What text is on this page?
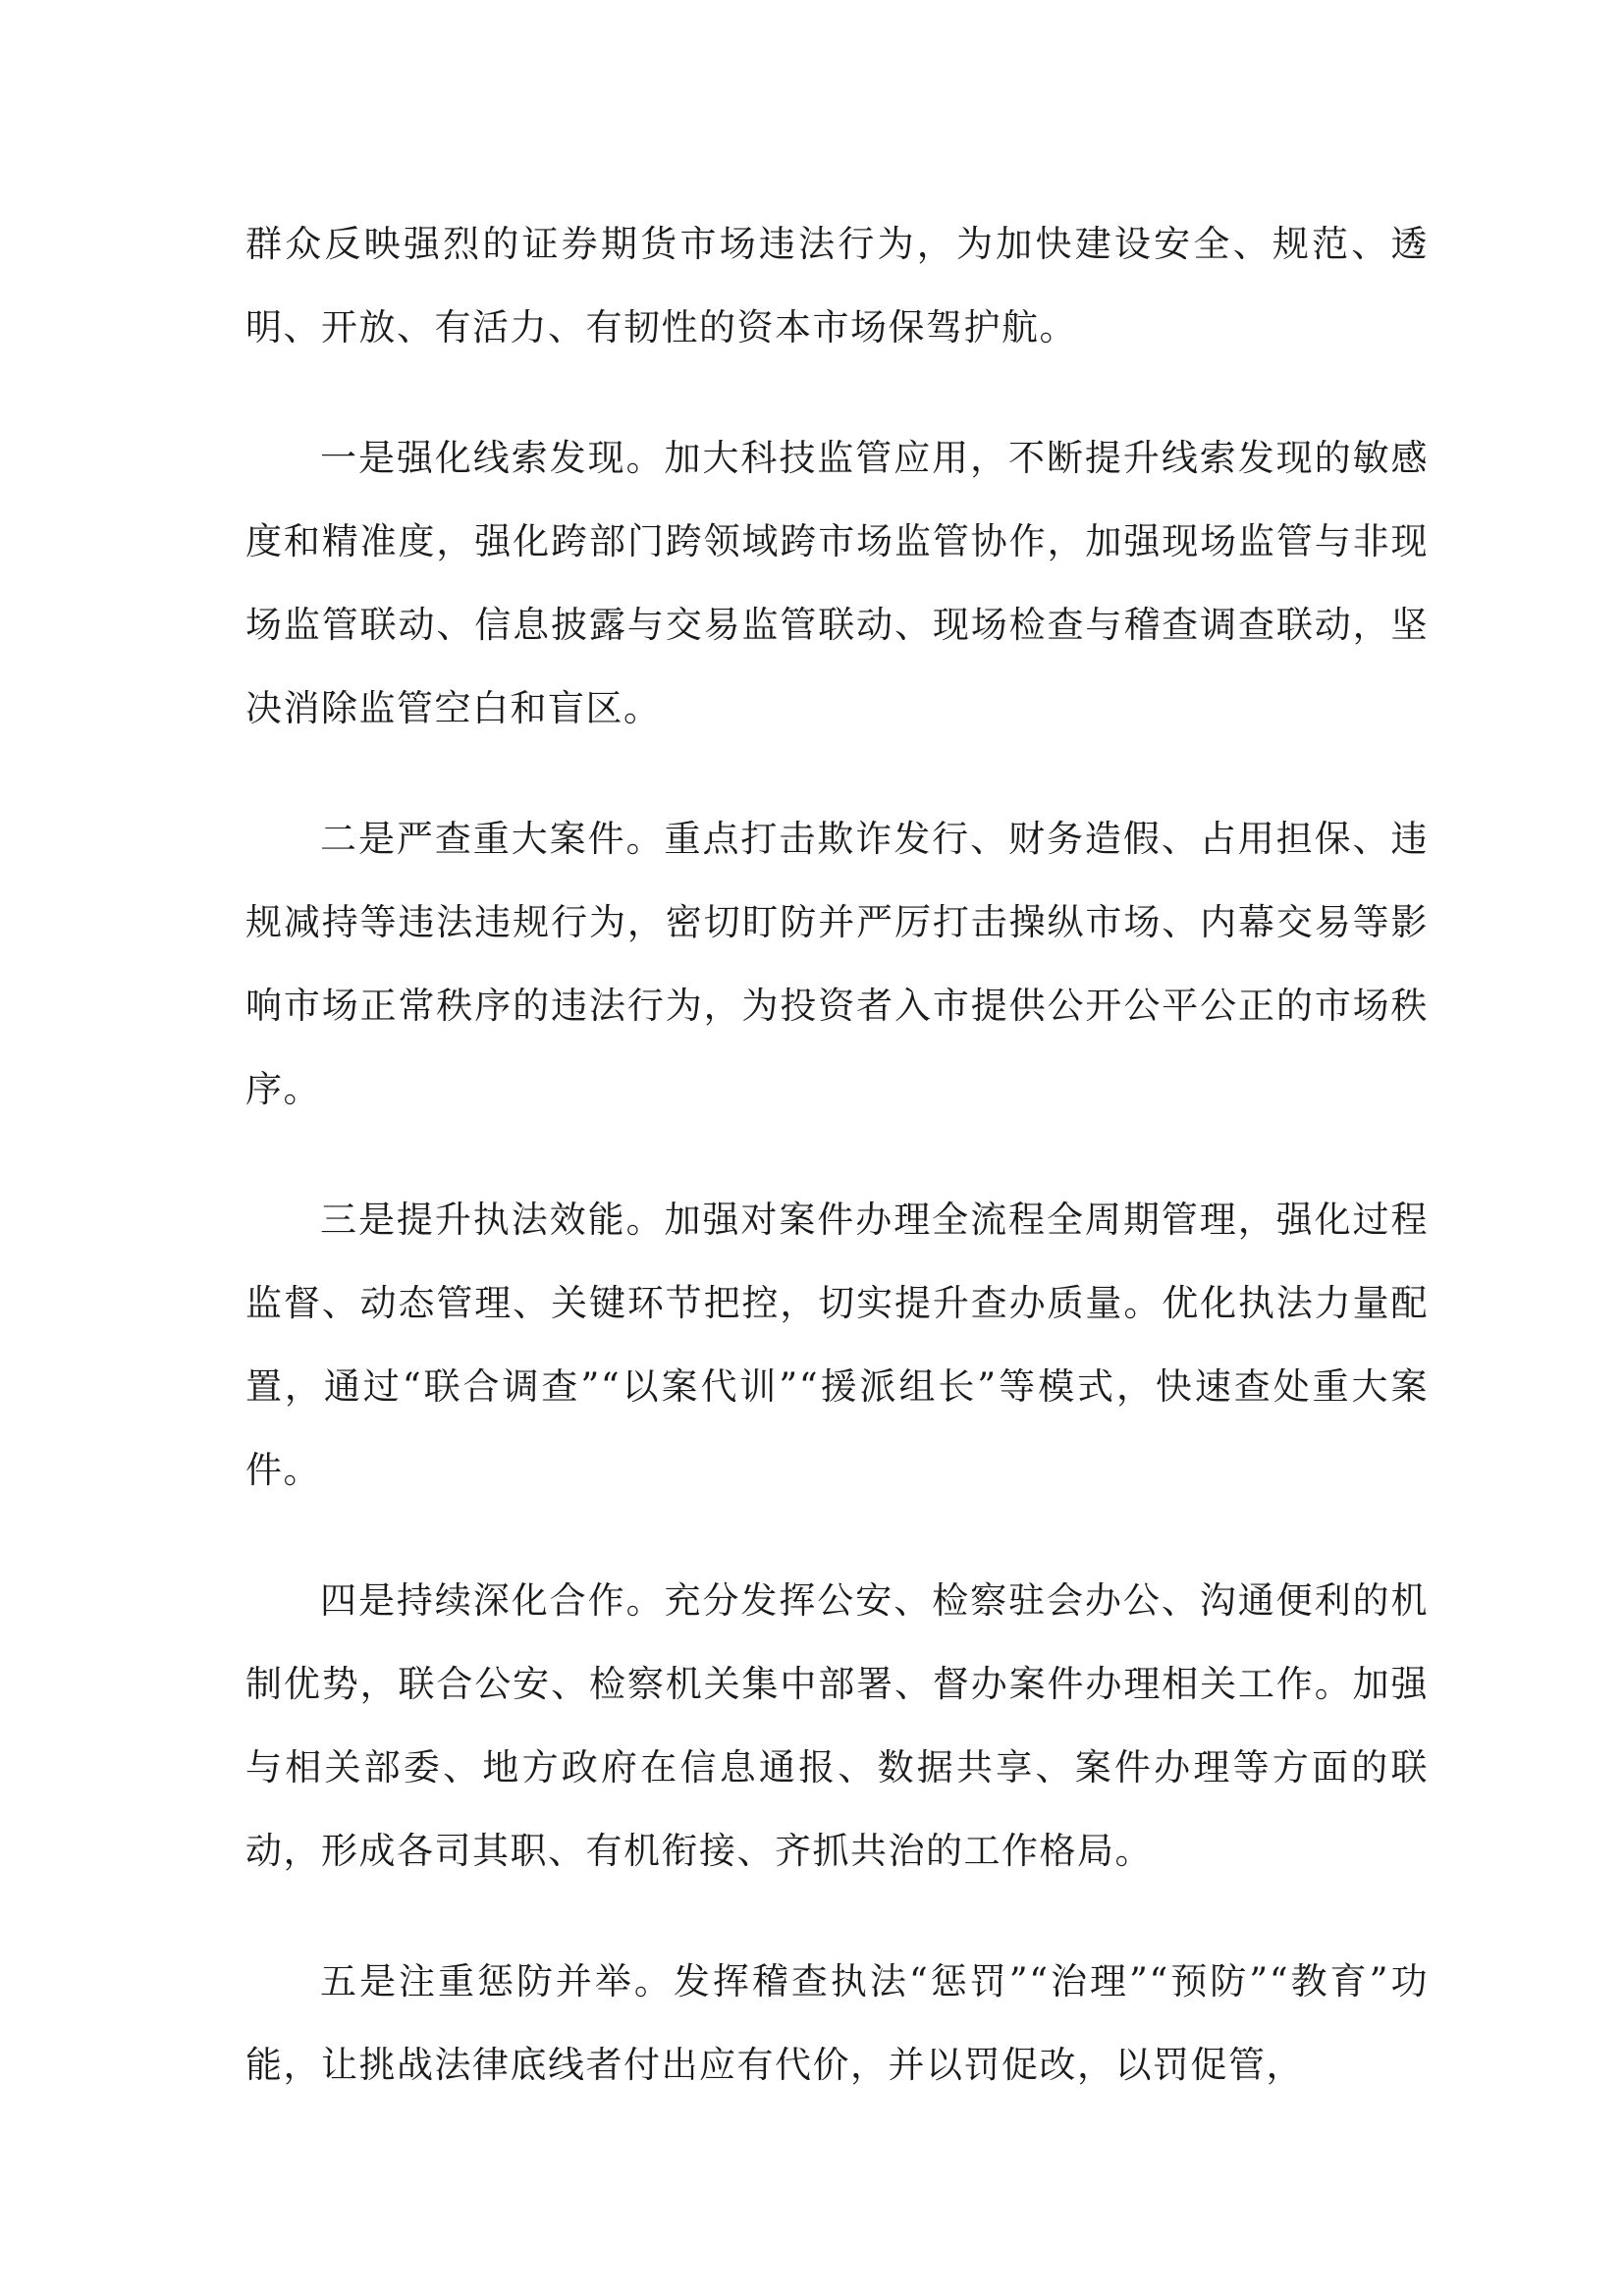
群众反映强烈的证券期货市场违法行为，为加快建设安全、规范、透明、开放、有活力、有韧性的资本市场保驾护航。

一是强化线索发现。加大科技监管应用，不断提升线索发现的敏感度和精准度，强化跨部门跨领域跨市场监管协作，加强现场监管与非现场监管联动、信息披露与交易监管联动、现场检查与稽查调查联动，坚决消除监管空白和盲区。

二是严查重大案件。重点打击欺诈发行、财务造假、占用担保、违规减持等违法违规行为，密切盯防并严厉打击操纵市场、内幕交易等影响市场正常秩序的违法行为，为投资者入市提供公开公平公正的市场秩序。

三是提升执法效能。加强对案件办理全流程全周期管理，强化过程监督、动态管理、关键环节把控，切实提升查办质量。优化执法力量配置，通过“联合调查”“以案代训”“援派组长”等模式，快速查处重大案件。

四是持续深化合作。充分发挥公安、检察驻会办公、沟通便利的机制优势，联合公安、检察机关集中部署、督办案件办理相关工作。加强与相关部委、地方政府在信息通报、数据共享、案件办理等方面的联动，形成各司其职、有机衔接、齐抓共治的工作格局。

五是注重惩防并举。发挥稽查执法“惩罚”“治理”“预防”“教育”功能，让挑战法律底线者付出应有代价，并以罚促改，以罚促管，
